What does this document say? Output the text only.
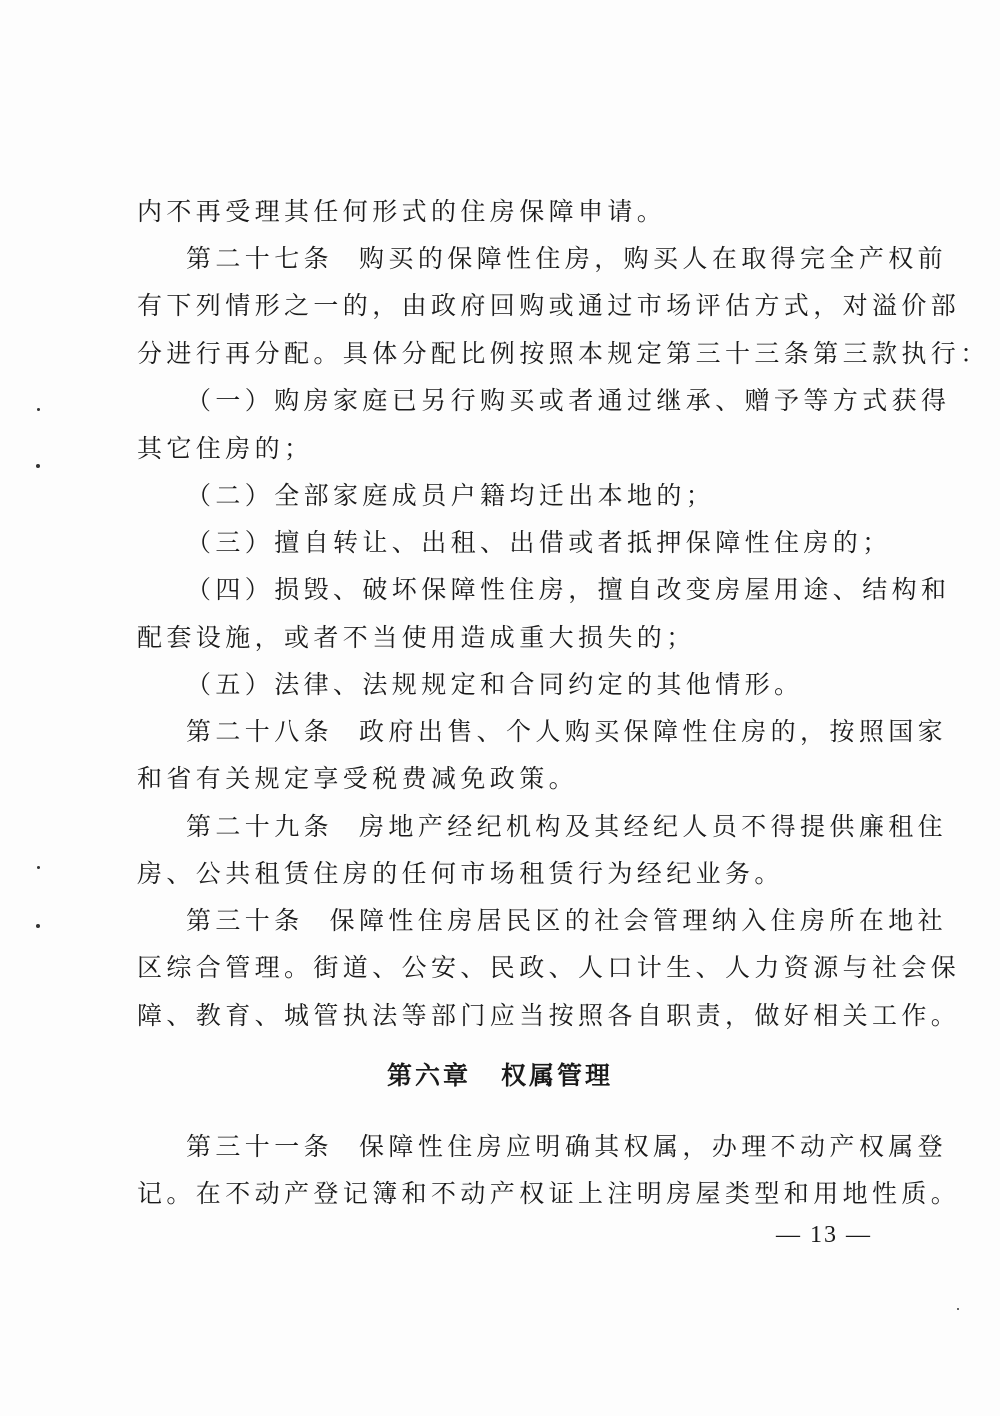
内不再受理其任何形式的住房保障申请。
第二十七条 购买的保障性住房，购买人在取得完全产权前
有下列情形之一的，由政府回购或通过市场评估方式，对溢价部
分进行再分配。具体分配比例按照本规定第三十三条第三款执行：
（一）购房家庭已另行购买或者通过继承、赠予等方式获得
其它住房的；
（二）全部家庭成员户籍均迁出本地的；
（三）擅自转让、出租、出借或者抵押保障性住房的；
（四）损毁、破坏保障性住房，擅自改变房屋用途、结构和
配套设施，或者不当使用造成重大损失的；
（五）法律、法规规定和合同约定的其他情形。
第二十八条 政府出售、个人购买保障性住房的，按照国家
和省有关规定享受税费减免政策。
第二十九条 房地产经纪机构及其经纪人员不得提供廉租住
房、公共租赁住房的任何市场租赁行为经纪业务。
第三十条 保障性住房居民区的社会管理纳入住房所在地社
区综合管理。街道、公安、民政、人口计生、人力资源与社会保
障、教育、城管执法等部门应当按照各自职责，做好相关工作。
第六章 权属管理
第三十一条 保障性住房应明确其权属，办理不动产权属登
记。在不动产登记簿和不动产权证上注明房屋类型和用地性质。
— 13 —
